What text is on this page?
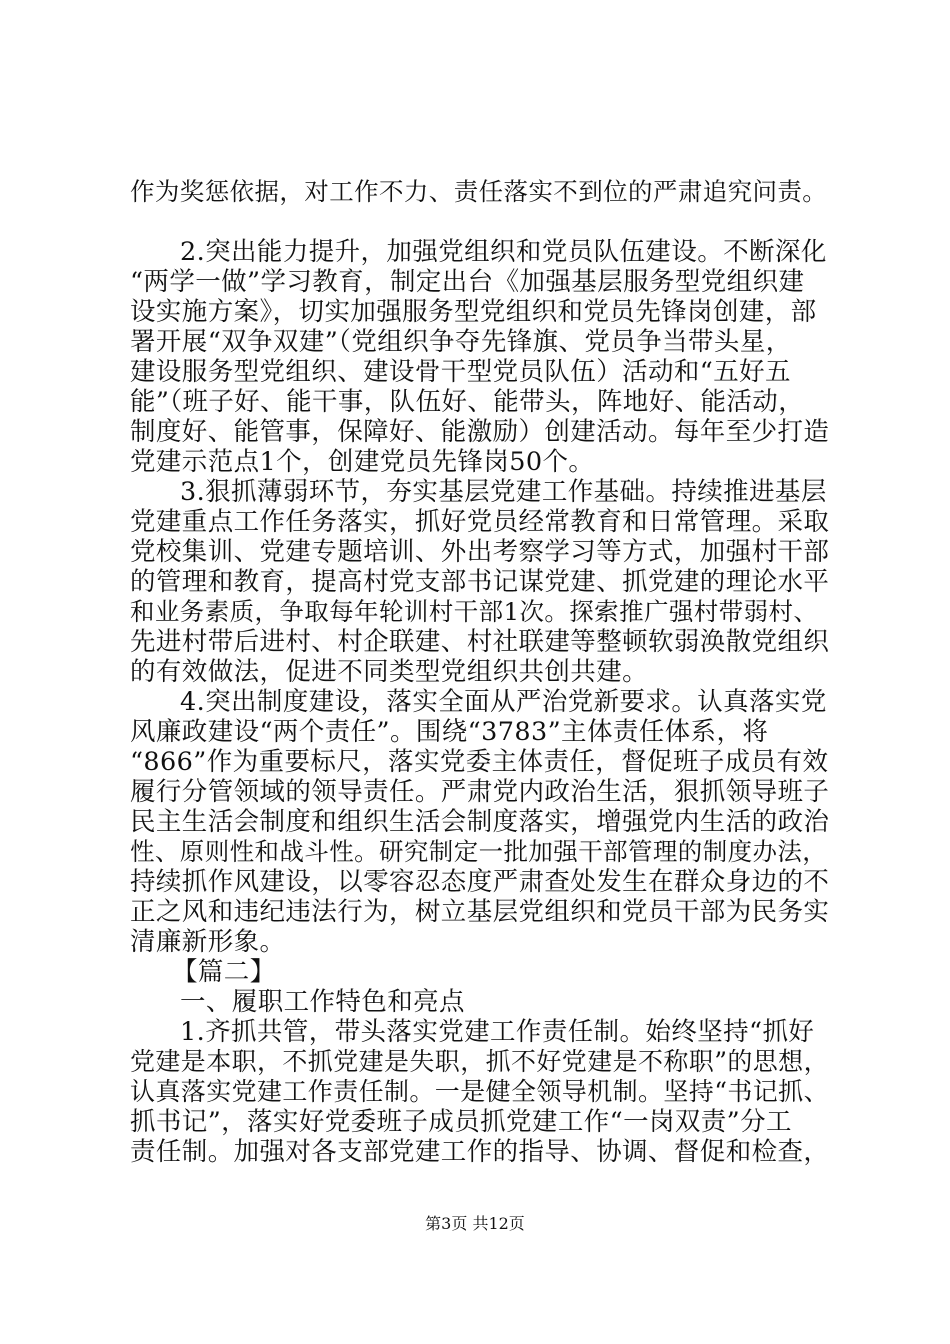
作为奖惩依据，对工作不力、责任落实不到位的严肃追究问责。
2.突出能力提升，加强党组织和党员队伍建设。不断深化
“两学一做”学习教育，制定出台《加强基层服务型党组织建
设实施方案》，切实加强服务型党组织和党员先锋岗创建，部
署开展“双争双建”（党组织争夺先锋旗、党员争当带头星，
建设服务型党组织、建设骨干型党员队伍）活动和“五好五
能”（班子好、能干事，队伍好、能带头，阵地好、能活动，
制度好、能管事，保障好、能激励）创建活动。每年至少打造
党建示范点1个，创建党员先锋岗50个。
3.狠抓薄弱环节，夯实基层党建工作基础。持续推进基层
党建重点工作任务落实，抓好党员经常教育和日常管理。采取
党校集训、党建专题培训、外出考察学习等方式，加强村干部
的管理和教育，提高村党支部书记谋党建、抓党建的理论水平
和业务素质，争取每年轮训村干部1次。探索推广强村带弱村、
先进村带后进村、村企联建、村社联建等整顿软弱涣散党组织
的有效做法，促进不同类型党组织共创共建。
4.突出制度建设，落实全面从严治党新要求。认真落实党
风廉政建设“两个责任”。围绕“3783”主体责任体系，将
“866”作为重要标尺，落实党委主体责任，督促班子成员有效
履行分管领域的领导责任。严肃党内政治生活，狠抓领导班子
民主生活会制度和组织生活会制度落实，增强党内生活的政治
性、原则性和战斗性。研究制定一批加强干部管理的制度办法，
持续抓作风建设，以零容忍态度严肃查处发生在群众身边的不
正之风和违纪违法行为，树立基层党组织和党员干部为民务实
清廉新形象。
【篇二】
一、履职工作特色和亮点
1.齐抓共管，带头落实党建工作责任制。始终坚持“抓好
党建是本职，不抓党建是失职，抓不好党建是不称职”的思想，
认真落实党建工作责任制。一是健全领导机制。坚持“书记抓、
抓书记”，落实好党委班子成员抓党建工作“一岗双责”分工
责任制。加强对各支部党建工作的指导、协调、督促和检查，
第3页 共12页
